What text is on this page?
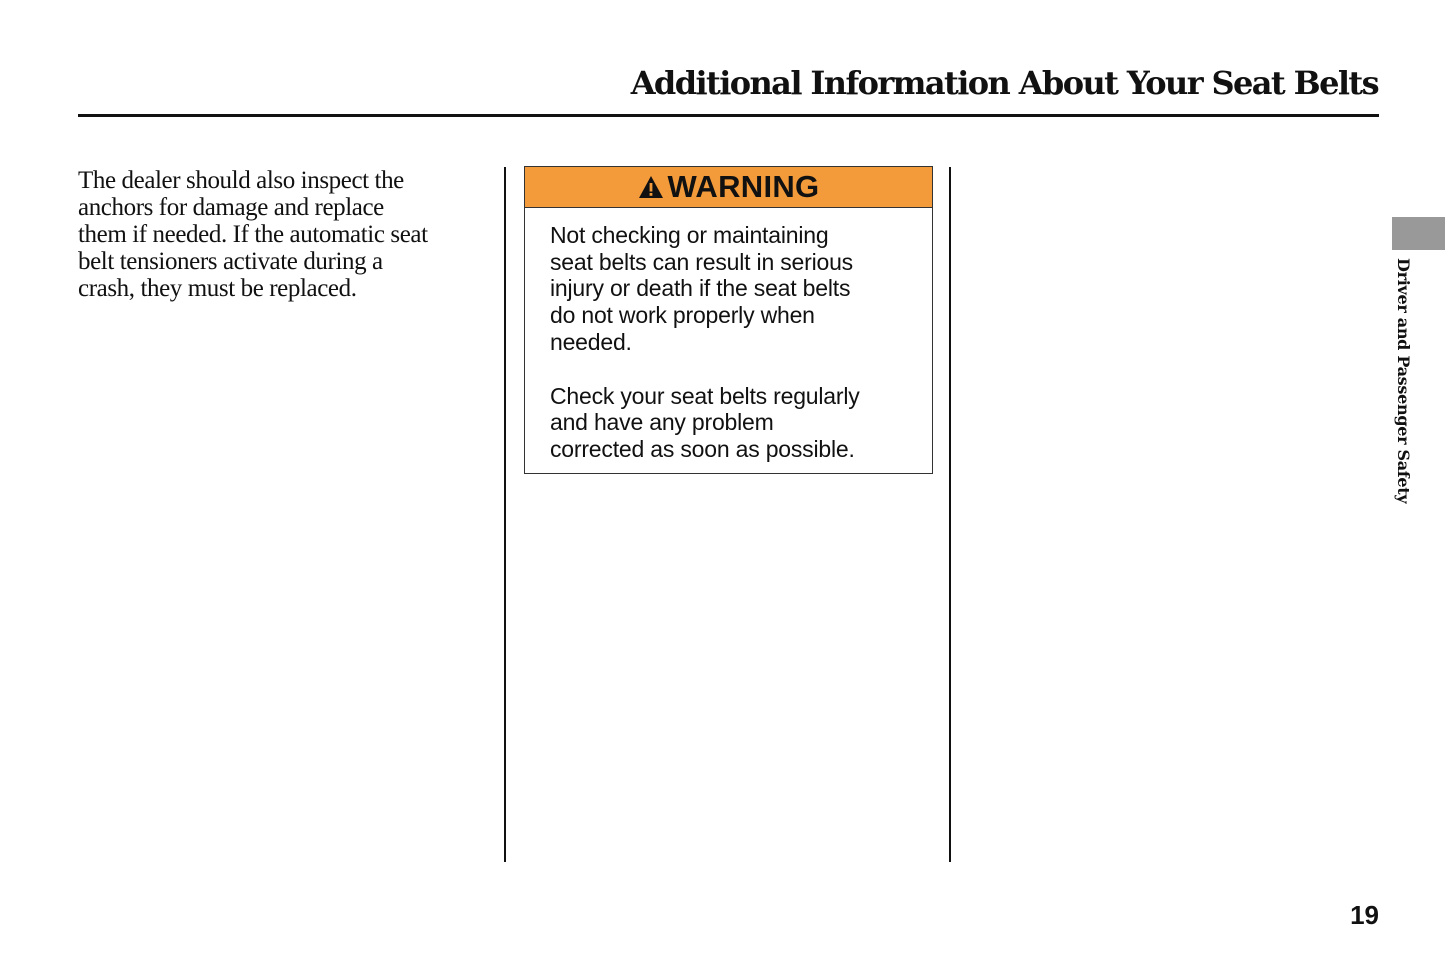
Additional Information About Your Seat Belts

The dealer should also inspect the
anchors for damage and replace
them if needed. If the automatic seat
belt tensioners activate during a
crash, they must be replaced.

WARNING

Not checking or maintaining
seat belts can result in serious
injury or death if the seat belts
do not work properly when
needed.

Check your seat belts regularly
and have any problem
corrected as soon as possible.	Driver and Passenger Safety

19
